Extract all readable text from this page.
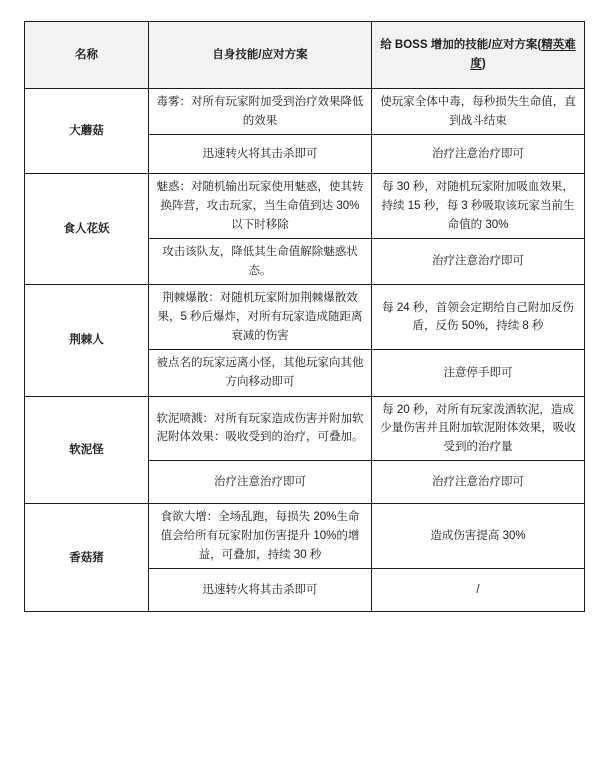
名称	自身技能/应对方案	给 BOSS 增加的技能/应对方案(精英难度)
大蘑菇	毒雾：对所有玩家附加受到治疗效果降低的效果	使玩家全体中毒，每秒损失生命值，直到战斗结束
	迅速转火将其击杀即可	治疗注意治疗即可
食人花妖	魅惑：对随机输出玩家使用魅惑，使其转换阵营，攻击玩家，当生命值到达 30% 以下时移除	每 30 秒，对随机玩家附加吸血效果，持续 15 秒，每 3 秒吸取该玩家当前生命值的 30%
	攻击该队友，降低其生命值解除魅惑状态。	治疗注意治疗即可
荆棘人	荆棘爆散：对随机玩家附加荆棘爆散效果，5 秒后爆炸，对所有玩家造成随距离衰减的伤害	每 24 秒，首领会定期给自己附加反伤盾，反伤 50%，持续 8 秒
	被点名的玩家远离小怪，其他玩家向其他方向移动即可	注意停手即可
软泥怪	软泥喷溅：对所有玩家造成伤害并附加软泥附体效果：吸收受到的治疗，可叠加。	每 20 秒，对所有玩家泼洒软泥，造成少量伤害并且附加软泥附体效果，吸收受到的治疗量
	治疗注意治疗即可	治疗注意治疗即可
香菇猪	食欲大增：全场乱跑，每损失 20%生命值会给所有玩家附加伤害提升 10%的增益，可叠加，持续 30 秒	造成伤害提高 30%
	迅速转火将其击杀即可	/
